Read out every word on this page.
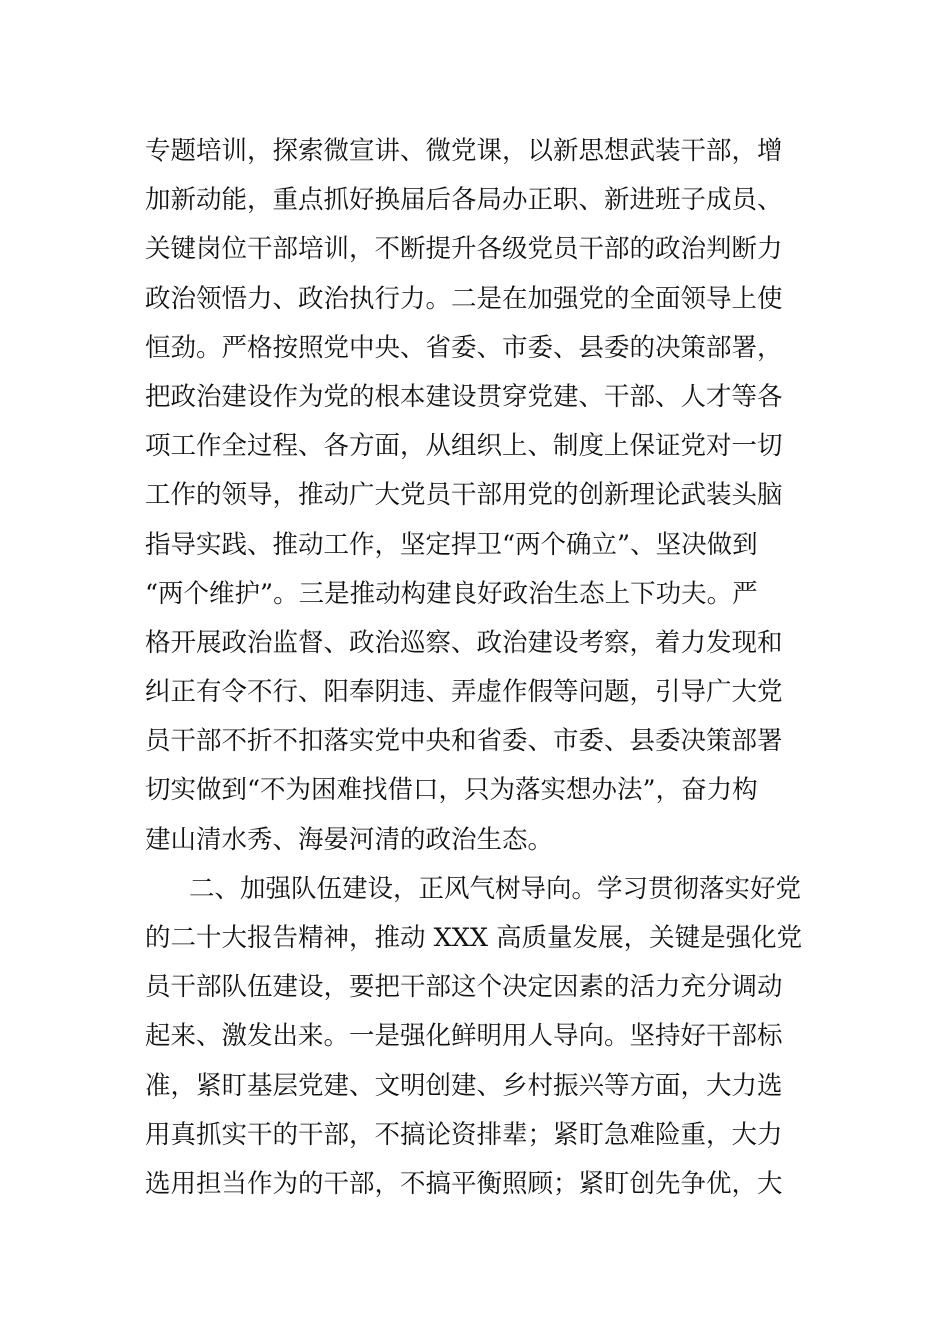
专题培训，探索微宣讲、微党课，以新思想武装干部，增
加新动能，重点抓好换届后各局办正职、新进班子成员、
关键岗位干部培训，不断提升各级党员干部的政治判断力
政治领悟力、政治执行力。二是在加强党的全面领导上使
恒劲。严格按照党中央、省委、市委、县委的决策部署，
把政治建设作为党的根本建设贯穿党建、干部、人才等各
项工作全过程、各方面，从组织上、制度上保证党对一切
工作的领导，推动广大党员干部用党的创新理论武装头脑
指导实践、推动工作，坚定捍卫“两个确立”、坚决做到
“两个维护”。三是推动构建良好政治生态上下功夫。严
格开展政治监督、政治巡察、政治建设考察，着力发现和
纠正有令不行、阳奉阴违、弄虚作假等问题，引导广大党
员干部不折不扣落实党中央和省委、市委、县委决策部署
切实做到“不为困难找借口，只为落实想办法”，奋力构
建山清水秀、海晏河清的政治生态。
二、加强队伍建设，正风气树导向。学习贯彻落实好党
的二十大报告精神，推动 XXX 高质量发展，关键是强化党
员干部队伍建设，要把干部这个决定因素的活力充分调动
起来、激发出来。一是强化鲜明用人导向。坚持好干部标
准，紧盯基层党建、文明创建、乡村振兴等方面，大力选
用真抓实干的干部，不搞论资排辈；紧盯急难险重，大力
选用担当作为的干部，不搞平衡照顾；紧盯创先争优，大
